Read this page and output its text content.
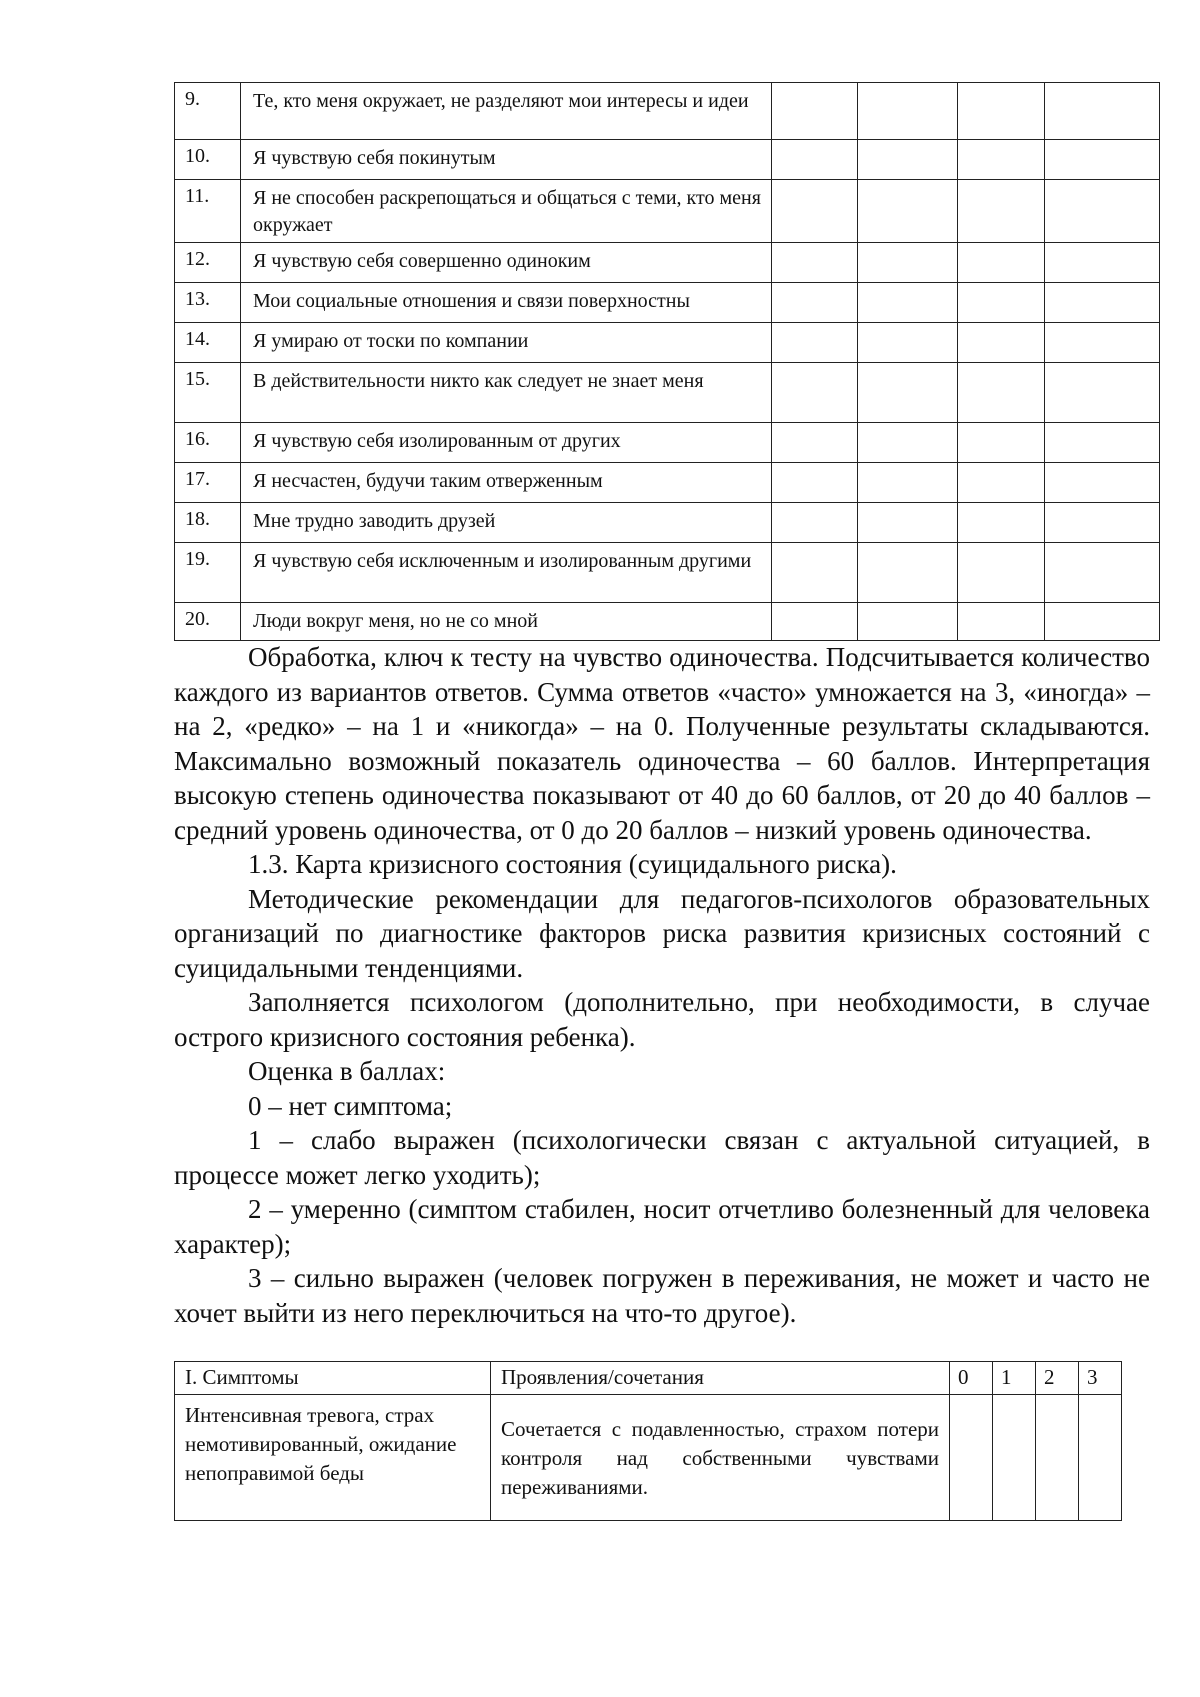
9.	Те, кто меня окружает, не разделяют мои интересы и идеи				
10.	Я чувствую себя покинутым				
11.	Я не способен раскрепощаться и общаться с теми, кто меня окружает				
12.	Я чувствую себя совершенно одиноким				
13.	Мои социальные отношения и связи поверхностны				
14.	Я умираю от тоски по компании				
15.	В действительности никто как следует не знает меня				
16.	Я чувствую себя изолированным от других				
17.	Я несчастен, будучи таким отверженным				
18.	Мне трудно заводить друзей				
19.	Я чувствую себя исключенным и изолированным другими				
20.	Люди вокруг меня, но не со мной				

Обработка, ключ к тесту на чувство одиночества. Подсчитывается количество каждого из вариантов ответов. Сумма ответов «часто» умножается на 3, «иногда» – на 2, «редко» – на 1 и «никогда» – на 0. Полученные результаты складываются. Максимально возможный показатель одиночества – 60 баллов. Интерпретация высокую степень одиночества показывают от 40 до 60 баллов, от 20 до 40 баллов – средний уровень одиночества, от 0 до 20 баллов – низкий уровень одиночества.

1.3. Карта кризисного состояния (суицидального риска).

Методические рекомендации для педагогов-психологов образовательных организаций по диагностике факторов риска развития кризисных состояний с суицидальными тенденциями.

Заполняется психологом (дополнительно, при необходимости, в случае острого кризисного состояния ребенка).

Оценка в баллах:

0 – нет симптома;

1 – слабо выражен (психологически связан с актуальной ситуацией, в процессе может легко уходить);

2 – умеренно (симптом стабилен, носит отчетливо болезненный для человека характер);

3 – сильно выражен (человек погружен в переживания, не может и часто не хочет выйти из него переключиться на что-то другое).

I. Симптомы	Проявления/сочетания	0	1	2	3
Интенсивная тревога, страх немотивированный, ожидание непоправимой беды	Сочетается с подавленностью, страхом потери контроля над собственными чувствами переживаниями.				
